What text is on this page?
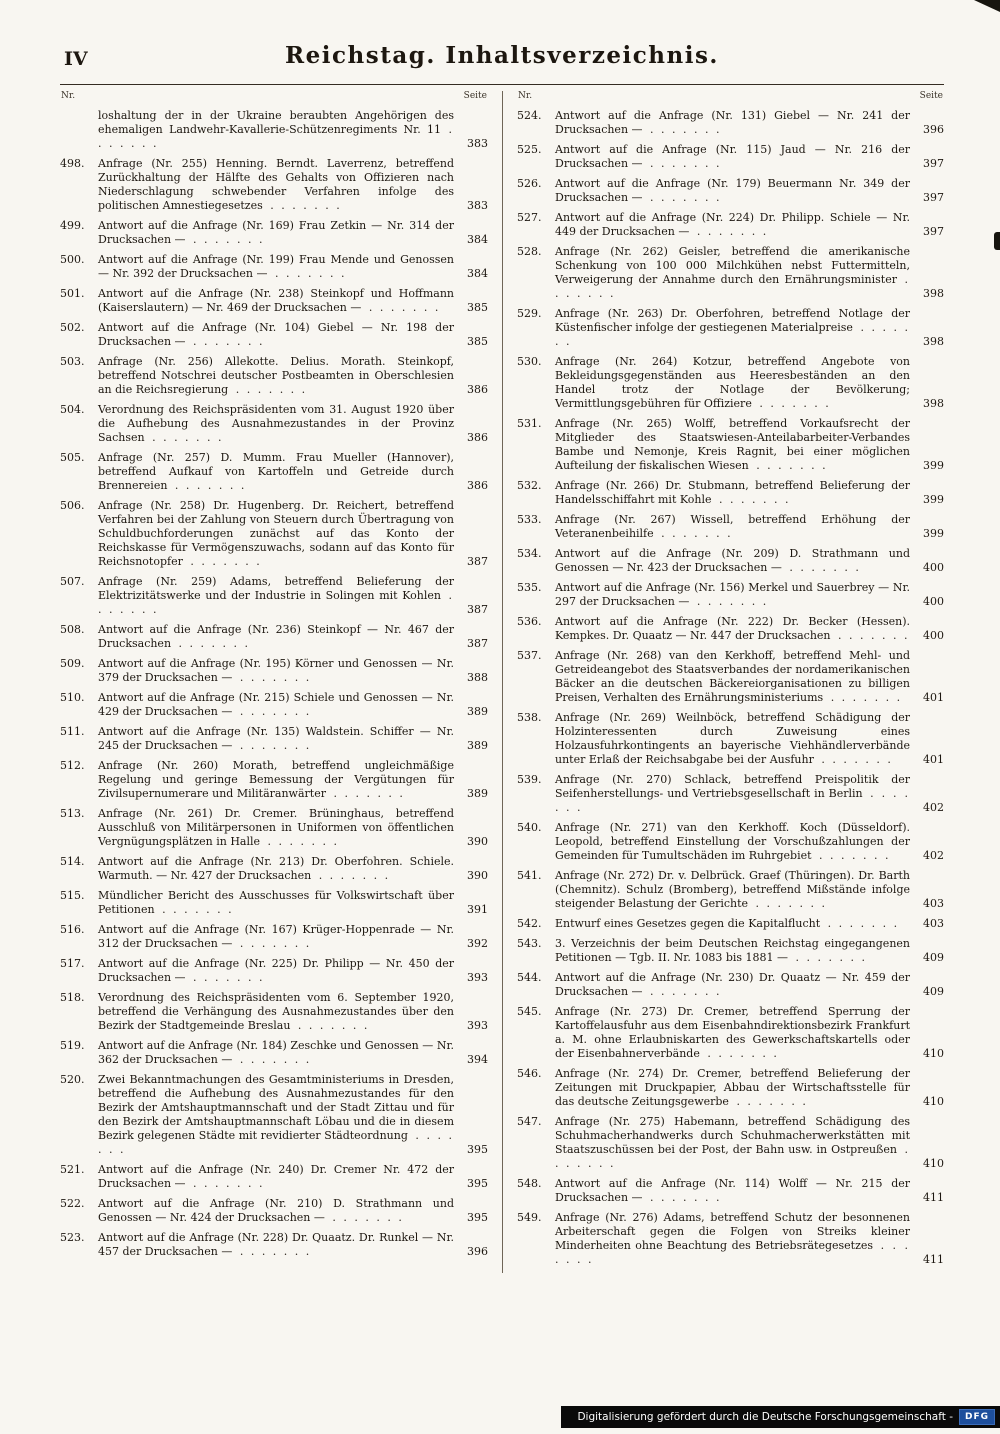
IV	Reichstag. Inhaltsverzeichnis.
Nr.	Seite
loshaltung der in der Ukraine beraubten Angehörigen des ehemaligen Landwehr-Kavallerie-Schützenregiments Nr. 11 . . . . . . .	383
498.	Anfrage (Nr. 255) Henning. Berndt. Laverrenz, betreffend Zurückhaltung der Hälfte des Gehalts von Offizieren nach Niederschlagung schwebender Verfahren infolge des politischen Amnestiegesetzes . . . . . . .	383
499.	Antwort auf die Anfrage (Nr. 169) Frau Zetkin — Nr. 314 der Drucksachen — . . . . . . .	384
500.	Antwort auf die Anfrage (Nr. 199) Frau Mende und Genossen — Nr. 392 der Drucksachen — . . . . . . .	384
501.	Antwort auf die Anfrage (Nr. 238) Steinkopf und Hoffmann (Kaiserslautern) — Nr. 469 der Drucksachen — . . . . . . .	385
502.	Antwort auf die Anfrage (Nr. 104) Giebel — Nr. 198 der Drucksachen — . . . . . . .	385
503.	Anfrage (Nr. 256) Allekotte. Delius. Morath. Steinkopf, betreffend Notschrei deutscher Postbeamten in Oberschlesien an die Reichsregierung . . . . . . .	386
504.	Verordnung des Reichspräsidenten vom 31. August 1920 über die Aufhebung des Ausnahmezustandes in der Provinz Sachsen . . . . . . .	386
505.	Anfrage (Nr. 257) D. Mumm. Frau Mueller (Hannover), betreffend Aufkauf von Kartoffeln und Getreide durch Brennereien . . . . . . .	386
506.	Anfrage (Nr. 258) Dr. Hugenberg. Dr. Reichert, betreffend Verfahren bei der Zahlung von Steuern durch Übertragung von Schuldbuchforderungen zunächst auf das Konto der Reichskasse für Vermögenszuwachs, sodann auf das Konto für Reichsnotopfer . . . . . . .	387
507.	Anfrage (Nr. 259) Adams, betreffend Belieferung der Elektrizitätswerke und der Industrie in Solingen mit Kohlen . . . . . . .	387
508.	Antwort auf die Anfrage (Nr. 236) Steinkopf — Nr. 467 der Drucksachen . . . . . . .	387
509.	Antwort auf die Anfrage (Nr. 195) Körner und Genossen — Nr. 379 der Drucksachen — . . . . . . .	388
510.	Antwort auf die Anfrage (Nr. 215) Schiele und Genossen — Nr. 429 der Drucksachen — . . . . . . .	389
511.	Antwort auf die Anfrage (Nr. 135) Waldstein. Schiffer — Nr. 245 der Drucksachen — . . . . . . .	389
512.	Anfrage (Nr. 260) Morath, betreffend ungleichmäßige Regelung und geringe Bemessung der Vergütungen für Zivilsupernumerare und Militäranwärter . . . . . . .	389
513.	Anfrage (Nr. 261) Dr. Cremer. Brüninghaus, betreffend Ausschluß von Militärpersonen in Uniformen von öffentlichen Vergnügungsplätzen in Halle . . . . . . .	390
514.	Antwort auf die Anfrage (Nr. 213) Dr. Oberfohren. Schiele. Warmuth. — Nr. 427 der Drucksachen . . . . . . .	390
515.	Mündlicher Bericht des Ausschusses für Volkswirtschaft über Petitionen . . . . . . .	391
516.	Antwort auf die Anfrage (Nr. 167) Krüger-Hoppenrade — Nr. 312 der Drucksachen — . . . . . . .	392
517.	Antwort auf die Anfrage (Nr. 225) Dr. Philipp — Nr. 450 der Drucksachen — . . . . . . .	393
518.	Verordnung des Reichspräsidenten vom 6. September 1920, betreffend die Verhängung des Ausnahmezustandes über den Bezirk der Stadtgemeinde Breslau . . . . . . .	393
519.	Antwort auf die Anfrage (Nr. 184) Zeschke und Genossen — Nr. 362 der Drucksachen — . . . . . . .	394
520.	Zwei Bekanntmachungen des Gesamtministeriums in Dresden, betreffend die Aufhebung des Ausnahmezustandes für den Bezirk der Amtshauptmannschaft und der Stadt Zittau und für den Bezirk der Amtshauptmannschaft Löbau und die in diesem Bezirk gelegenen Städte mit revidierter Städteordnung . . . . . . .	395
521.	Antwort auf die Anfrage (Nr. 240) Dr. Cremer Nr. 472 der Drucksachen — . . . . . . .	395
522.	Antwort auf die Anfrage (Nr. 210) D. Strathmann und Genossen — Nr. 424 der Drucksachen — . . . . . . .	395
523.	Antwort auf die Anfrage (Nr. 228) Dr. Quaatz. Dr. Runkel — Nr. 457 der Drucksachen — . . . . . . .	396
Nr.	Seite
524.	Antwort auf die Anfrage (Nr. 131) Giebel — Nr. 241 der Drucksachen — . . . . . . .	396
525.	Antwort auf die Anfrage (Nr. 115) Jaud — Nr. 216 der Drucksachen — . . . . . . .	397
526.	Antwort auf die Anfrage (Nr. 179) Beuermann Nr. 349 der Drucksachen — . . . . . . .	397
527.	Antwort auf die Anfrage (Nr. 224) Dr. Philipp. Schiele — Nr. 449 der Drucksachen — . . . . . . .	397
528.	Anfrage (Nr. 262) Geisler, betreffend die amerikanische Schenkung von 100 000 Milchkühen nebst Futtermitteln, Verweigerung der Annahme durch den Ernährungsminister . . . . . . .	398
529.	Anfrage (Nr. 263) Dr. Oberfohren, betreffend Notlage der Küstenfischer infolge der gestiegenen Materialpreise . . . . . . .	398
530.	Anfrage (Nr. 264) Kotzur, betreffend Angebote von Bekleidungsgegenständen aus Heeresbeständen an den Handel trotz der Notlage der Bevölkerung; Vermittlungsgebühren für Offiziere . . . . . . .	398
531.	Anfrage (Nr. 265) Wolff, betreffend Vorkaufsrecht der Mitglieder des Staatswiesen-Anteilabarbeiter-Verbandes Bambe und Nemonje, Kreis Ragnit, bei einer möglichen Aufteilung der fiskalischen Wiesen . . . . . . .	399
532.	Anfrage (Nr. 266) Dr. Stubmann, betreffend Belieferung der Handelsschiffahrt mit Kohle . . . . . . .	399
533.	Anfrage (Nr. 267) Wissell, betreffend Erhöhung der Veteranenbeihilfe . . . . . . .	399
534.	Antwort auf die Anfrage (Nr. 209) D. Strathmann und Genossen — Nr. 423 der Drucksachen — . . . . . . .	400
535.	Antwort auf die Anfrage (Nr. 156) Merkel und Sauerbrey — Nr. 297 der Drucksachen — . . . . . . .	400
536.	Antwort auf die Anfrage (Nr. 222) Dr. Becker (Hessen). Kempkes. Dr. Quaatz — Nr. 447 der Drucksachen . . . . . . .	400
537.	Anfrage (Nr. 268) van den Kerkhoff, betreffend Mehl- und Getreideangebot des Staatsverbandes der nordamerikanischen Bäcker an die deutschen Bäckereiorganisationen zu billigen Preisen, Verhalten des Ernährungsministeriums . . . . . . .	401
538.	Anfrage (Nr. 269) Weilnböck, betreffend Schädigung der Holzinteressenten durch Zuweisung eines Holzausfuhrkontingents an bayerische Viehhändlerverbände unter Erlaß der Reichsabgabe bei der Ausfuhr . . . . . . .	401
539.	Anfrage (Nr. 270) Schlack, betreffend Preispolitik der Seifenherstellungs- und Vertriebsgesellschaft in Berlin . . . . . . .	402
540.	Anfrage (Nr. 271) van den Kerkhoff. Koch (Düsseldorf). Leopold, betreffend Einstellung der Vorschußzahlungen der Gemeinden für Tumultschäden im Ruhrgebiet . . . . . . .	402
541.	Anfrage (Nr. 272) Dr. v. Delbrück. Graef (Thüringen). Dr. Barth (Chemnitz). Schulz (Bromberg), betreffend Mißstände infolge steigender Belastung der Gerichte . . . . . . .	403
542.	Entwurf eines Gesetzes gegen die Kapitalflucht . . . . . . .	403
543.	3. Verzeichnis der beim Deutschen Reichstag eingegangenen Petitionen — Tgb. II. Nr. 1083 bis 1881 — . . . . . . .	409
544.	Antwort auf die Anfrage (Nr. 230) Dr. Quaatz — Nr. 459 der Drucksachen — . . . . . . .	409
545.	Anfrage (Nr. 273) Dr. Cremer, betreffend Sperrung der Kartoffelausfuhr aus dem Eisenbahndirektionsbezirk Frankfurt a. M. ohne Erlaubniskarten des Gewerkschaftskartells oder der Eisenbahnerverbände . . . . . . .	410
546.	Anfrage (Nr. 274) Dr. Cremer, betreffend Belieferung der Zeitungen mit Druckpapier, Abbau der Wirtschaftsstelle für das deutsche Zeitungsgewerbe . . . . . . .	410
547.	Anfrage (Nr. 275) Habemann, betreffend Schädigung des Schuhmacherhandwerks durch Schuhmacherwerkstätten mit Staatszuschüssen bei der Post, der Bahn usw. in Ostpreußen . . . . . . .	410
548.	Antwort auf die Anfrage (Nr. 114) Wolff — Nr. 215 der Drucksachen — . . . . . . .	411
549.	Anfrage (Nr. 276) Adams, betreffend Schutz der besonnenen Arbeiterschaft gegen die Folgen von Streiks kleiner Minderheiten ohne Beachtung des Betriebsrätegesetzes . . . . . . .	411
Digitalisierung gefördert durch die Deutsche Forschungsgemeinschaft -	DFG
